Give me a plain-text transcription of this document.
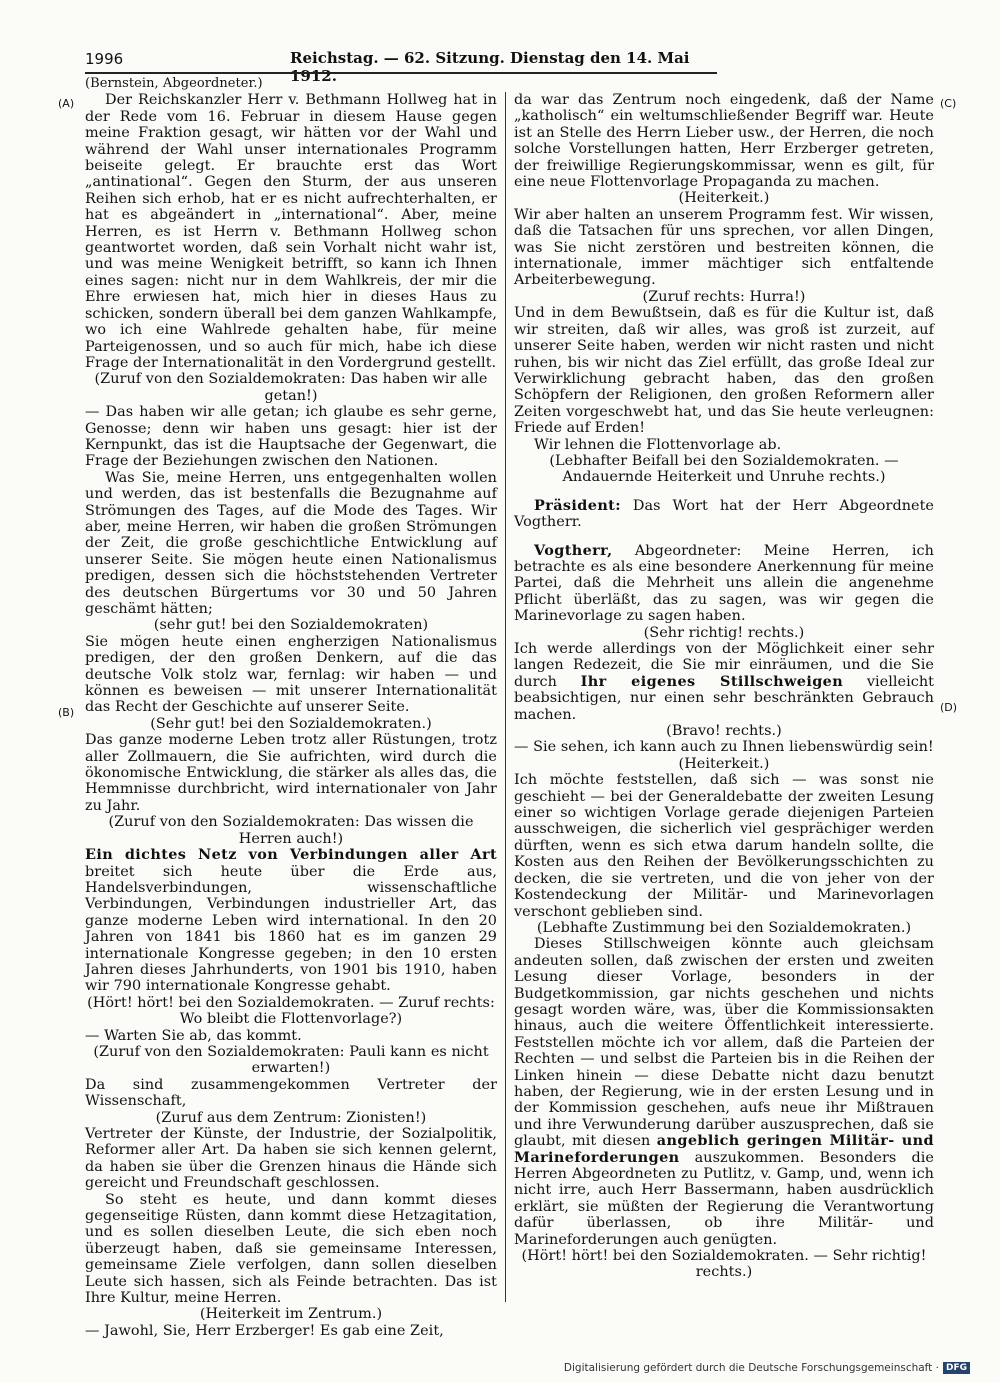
1996	Reichstag. — 62. Sitzung. Dienstag den 14. Mai 1912.
(A)
(B)
(C)
(D)

(Bernstein, Abgeordneter.)

Der Reichskanzler Herr v. Bethmann Hollweg hat in der Rede vom 16. Februar in diesem Hause gegen meine Fraktion gesagt, wir hätten vor der Wahl und während der Wahl unser internationales Programm beiseite gelegt. Er brauchte erst das Wort „antinational“. Gegen den Sturm, der aus unseren Reihen sich erhob, hat er es nicht aufrechterhalten, er hat es abgeändert in „international“. Aber, meine Herren, es ist Herrn v. Bethmann Hollweg schon geantwortet worden, daß sein Vorhalt nicht wahr ist, und was meine Wenigkeit betrifft, so kann ich Ihnen eines sagen: nicht nur in dem Wahlkreis, der mir die Ehre erwiesen hat, mich hier in dieses Haus zu schicken, sondern überall bei dem ganzen Wahlkampfe, wo ich eine Wahlrede gehalten habe, für meine Parteigenossen, und so auch für mich, habe ich diese Frage der Internationalität in den Vordergrund gestellt.

(Zuruf von den Sozialdemokraten: Das haben wir alle getan!)

— Das haben wir alle getan; ich glaube es sehr gerne, Genosse; denn wir haben uns gesagt: hier ist der Kernpunkt, das ist die Hauptsache der Gegenwart, die Frage der Beziehungen zwischen den Nationen.

Was Sie, meine Herren, uns entgegenhalten wollen und werden, das ist bestenfalls die Bezugnahme auf Strömungen des Tages, auf die Mode des Tages. Wir aber, meine Herren, wir haben die großen Strömungen der Zeit, die große geschichtliche Entwicklung auf unserer Seite. Sie mögen heute einen Nationalismus predigen, dessen sich die höchststehenden Vertreter des deutschen Bürgertums vor 30 und 50 Jahren geschämt hätten;

(sehr gut! bei den Sozialdemokraten)

Sie mögen heute einen engherzigen Nationalismus predigen, der den großen Denkern, auf die das deutsche Volk stolz war, fernlag: wir haben — und können es beweisen — mit unserer Internationalität das Recht der Geschichte auf unserer Seite.

(Sehr gut! bei den Sozialdemokraten.)

Das ganze moderne Leben trotz aller Rüstungen, trotz aller Zollmauern, die Sie aufrichten, wird durch die ökonomische Entwicklung, die stärker als alles das, die Hemmnisse durchbricht, wird internationaler von Jahr zu Jahr.

(Zuruf von den Sozialdemokraten: Das wissen die Herren auch!)

Ein dichtes Netz von Verbindungen aller Art breitet sich heute über die Erde aus, Handelsverbindungen, wissenschaftliche Verbindungen, Verbindungen industrieller Art, das ganze moderne Leben wird international. In den 20 Jahren von 1841 bis 1860 hat es im ganzen 29 internationale Kongresse gegeben; in den 10 ersten Jahren dieses Jahrhunderts, von 1901 bis 1910, haben wir 790 internationale Kongresse gehabt.

(Hört! hört! bei den Sozialdemokraten. — Zuruf rechts: Wo bleibt die Flottenvorlage?)

— Warten Sie ab, das kommt.

(Zuruf von den Sozialdemokraten: Pauli kann es nicht erwarten!)

Da sind zusammengekommen Vertreter der Wissenschaft,

(Zuruf aus dem Zentrum: Zionisten!)

Vertreter der Künste, der Industrie, der Sozialpolitik, Reformer aller Art. Da haben sie sich kennen gelernt, da haben sie über die Grenzen hinaus die Hände sich gereicht und Freundschaft geschlossen.

So steht es heute, und dann kommt dieses gegenseitige Rüsten, dann kommt diese Hetzagitation, und es sollen dieselben Leute, die sich eben noch überzeugt haben, daß sie gemeinsame Interessen, gemeinsame Ziele verfolgen, dann sollen dieselben Leute sich hassen, sich als Feinde betrachten. Das ist Ihre Kultur, meine Herren.

(Heiterkeit im Zentrum.)

— Jawohl, Sie, Herr Erzberger! Es gab eine Zeit,

da war das Zentrum noch eingedenk, daß der Name „katholisch“ ein weltumschließender Begriff war. Heute ist an Stelle des Herrn Lieber usw., der Herren, die noch solche Vorstellungen hatten, Herr Erzberger getreten, der freiwillige Regierungskommissar, wenn es gilt, für eine neue Flottenvorlage Propaganda zu machen.

(Heiterkeit.)

Wir aber halten an unserem Programm fest. Wir wissen, daß die Tatsachen für uns sprechen, vor allen Dingen, was Sie nicht zerstören und bestreiten können, die internationale, immer mächtiger sich entfaltende Arbeiterbewegung.

(Zuruf rechts: Hurra!)

Und in dem Bewußtsein, daß es für die Kultur ist, daß wir streiten, daß wir alles, was groß ist zurzeit, auf unserer Seite haben, werden wir nicht rasten und nicht ruhen, bis wir nicht das Ziel erfüllt, das große Ideal zur Verwirklichung gebracht haben, das den großen Schöpfern der Religionen, den großen Reformern aller Zeiten vorgeschwebt hat, und das Sie heute verleugnen: Friede auf Erden!

Wir lehnen die Flottenvorlage ab.

(Lebhafter Beifall bei den Sozialdemokraten. — Andauernde Heiterkeit und Unruhe rechts.)

Präsident: Das Wort hat der Herr Abgeordnete Vogtherr.

Vogtherr, Abgeordneter: Meine Herren, ich betrachte es als eine besondere Anerkennung für meine Partei, daß die Mehrheit uns allein die angenehme Pflicht überläßt, das zu sagen, was wir gegen die Marinevorlage zu sagen haben.

(Sehr richtig! rechts.)

Ich werde allerdings von der Möglichkeit einer sehr langen Redezeit, die Sie mir einräumen, und die Sie durch Ihr eigenes Stillschweigen vielleicht beabsichtigen, nur einen sehr beschränkten Gebrauch machen.

(Bravo! rechts.)

— Sie sehen, ich kann auch zu Ihnen liebenswürdig sein!

(Heiterkeit.)

Ich möchte feststellen, daß sich — was sonst nie geschieht — bei der Generaldebatte der zweiten Lesung einer so wichtigen Vorlage gerade diejenigen Parteien ausschweigen, die sicherlich viel gesprächiger werden dürften, wenn es sich etwa darum handeln sollte, die Kosten aus den Reihen der Bevölkerungsschichten zu decken, die sie vertreten, und die von jeher von der Kostendeckung der Militär- und Marinevorlagen verschont geblieben sind.

(Lebhafte Zustimmung bei den Sozialdemokraten.)

Dieses Stillschweigen könnte auch gleichsam andeuten sollen, daß zwischen der ersten und zweiten Lesung dieser Vorlage, besonders in der Budgetkommission, gar nichts geschehen und nichts gesagt worden wäre, was, über die Kommissionsakten hinaus, auch die weitere Öffentlichkeit interessierte. Feststellen möchte ich vor allem, daß die Parteien der Rechten — und selbst die Parteien bis in die Reihen der Linken hinein — diese Debatte nicht dazu benutzt haben, der Regierung, wie in der ersten Lesung und in der Kommission geschehen, aufs neue ihr Mißtrauen und ihre Verwunderung darüber auszusprechen, daß sie glaubt, mit diesen angeblich geringen Militär- und Marineforderungen auszukommen. Besonders die Herren Abgeordneten zu Putlitz, v. Gamp, und, wenn ich nicht irre, auch Herr Bassermann, haben ausdrücklich erklärt, sie müßten der Regierung die Verantwortung dafür überlassen, ob ihre Militär- und Marineforderungen auch genügten.

(Hört! hört! bei den Sozialdemokraten. — Sehr richtig! rechts.)

Digitalisierung gefördert durch die Deutsche Forschungsgemeinschaft · DFG
